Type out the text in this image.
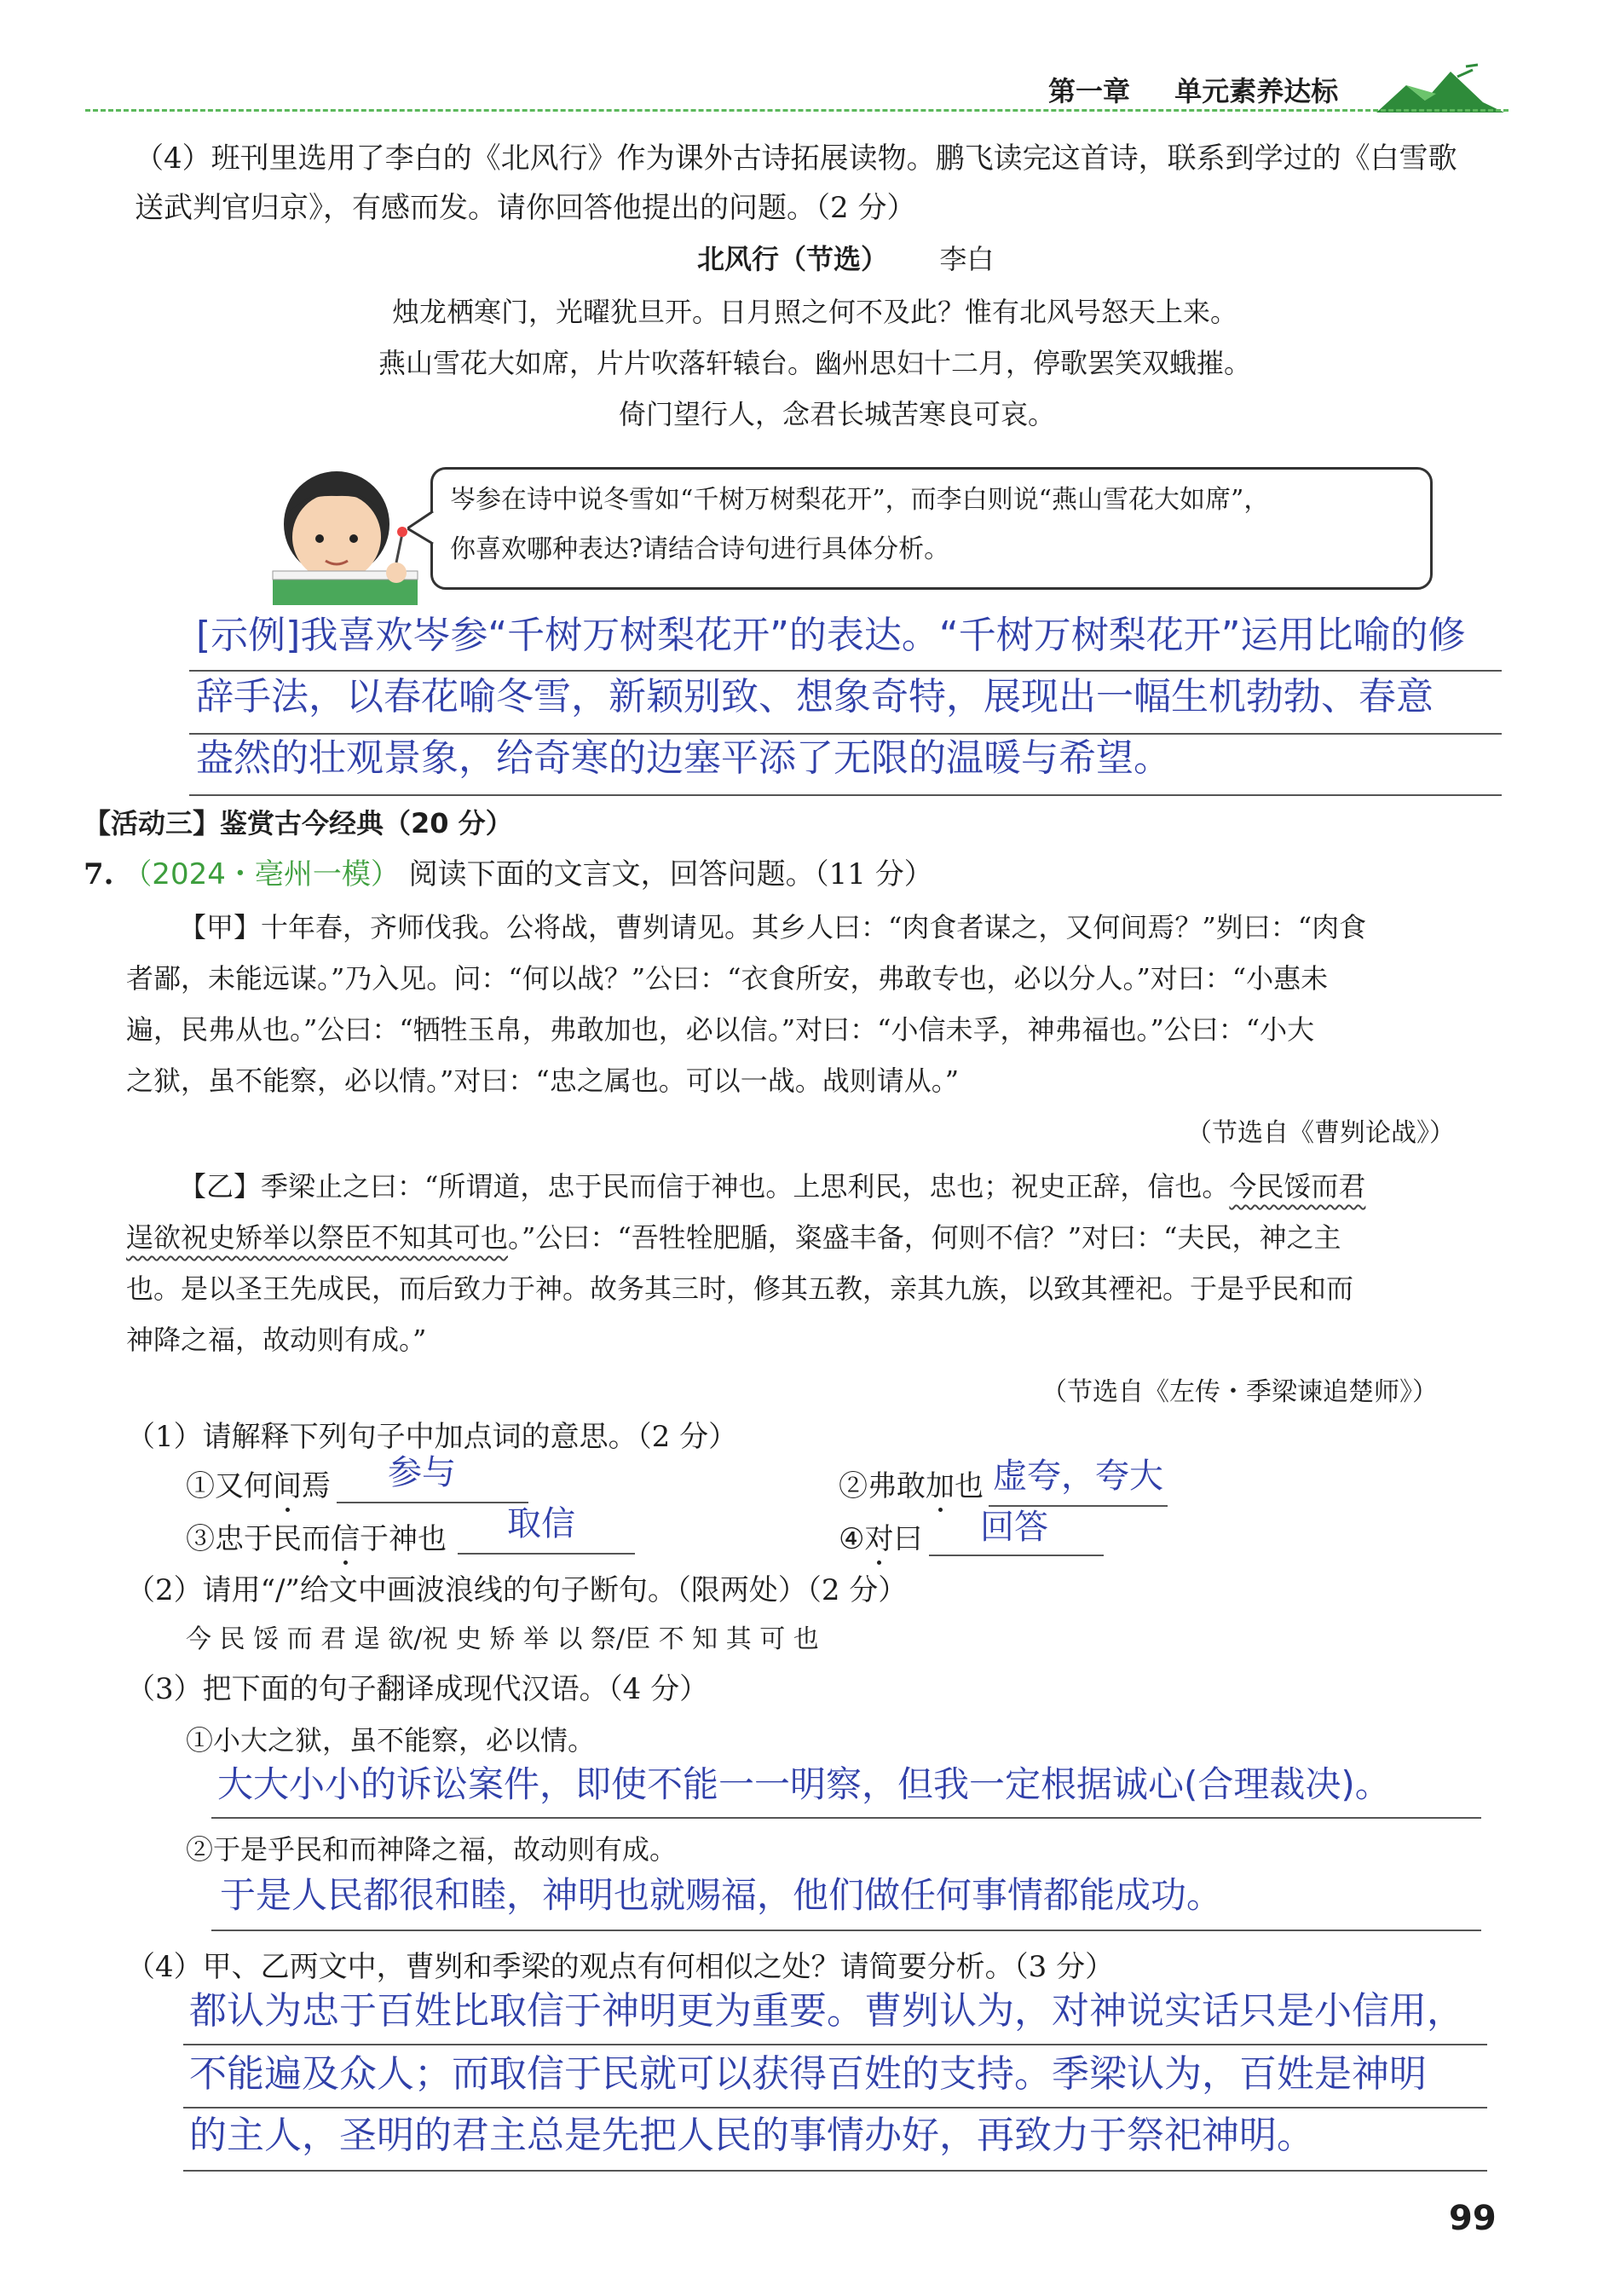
第一章 单元素养达标
（4）班刊里选用了李白的《北风行》作为课外古诗拓展读物。鹏飞读完这首诗，联系到学过的《白雪歌
送武判官归京》，有感而发。请你回答他提出的问题。（2 分）
北风行（节选） 李白
烛龙栖寒门，光曜犹旦开。日月照之何不及此？惟有北风号怒天上来。
燕山雪花大如席，片片吹落轩辕台。幽州思妇十二月，停歌罢笑双蛾摧。
倚门望行人，念君长城苦寒良可哀。
岑参在诗中说冬雪如“千树万树梨花开”，而李白则说“燕山雪花大如席”，
你喜欢哪种表达?请结合诗句进行具体分析。
[示例]我喜欢岑参“千树万树梨花开”的表达。“千树万树梨花开”运用比喻的修
辞手法，以春花喻冬雪，新颖别致、想象奇特，展现出一幅生机勃勃、春意
盎然的壮观景象，给奇寒的边塞平添了无限的温暖与希望。
【活动三】鉴赏古今经典（20 分）
7. （2024・亳州一模） 阅读下面的文言文，回答问题。（11 分）
【甲】十年春，齐师伐我。公将战，曹刿请见。其乡人曰：“肉食者谋之，又何间焉？”刿曰：“肉食
者鄙，未能远谋。”乃入见。问：“何以战？”公曰：“衣食所安，弗敢专也，必以分人。”对曰：“小惠未
遍，民弗从也。”公曰：“牺牲玉帛，弗敢加也，必以信。”对曰：“小信未孚，神弗福也。”公曰：“小大
之狱，虽不能察，必以情。”对曰：“忠之属也。可以一战。战则请从。”
（节选自《曹刿论战》）
【乙】季梁止之曰：“所谓道，忠于民而信于神也。上思利民，忠也；祝史正辞，信也。今民馁而君
逞欲祝史矫举以祭臣不知其可也。”公曰：“吾牲牷肥腯，粢盛丰备，何则不信？”对曰：“夫民，神之主
也。是以圣王先成民，而后致力于神。故务其三时，修其五教，亲其九族，以致其禋祀。于是乎民和而
神降之福，故动则有成。”
（节选自《左传・季梁谏追楚师》）
（1）请解释下列句子中加点词的意思。（2 分）
①又何间焉 参与	②弗敢加也 虚夸，夸大
③忠于民而信于神也 取信	④对曰 回答
（2）请用“/”给文中画波浪线的句子断句。（限两处）（2 分）
今 民 馁 而 君 逞 欲/祝 史 矫 举 以 祭/臣 不 知 其 可 也
（3）把下面的句子翻译成现代汉语。（4 分）
①小大之狱，虽不能察，必以情。
大大小小的诉讼案件，即使不能一一明察，但我一定根据诚心(合理裁决)。
②于是乎民和而神降之福，故动则有成。
于是人民都很和睦，神明也就赐福，他们做任何事情都能成功。
（4）甲、乙两文中，曹刿和季梁的观点有何相似之处？请简要分析。（3 分）
都认为忠于百姓比取信于神明更为重要。曹刿认为，对神说实话只是小信用，
不能遍及众人；而取信于民就可以获得百姓的支持。季梁认为，百姓是神明
的主人，圣明的君主总是先把人民的事情办好，再致力于祭祀神明。
99
